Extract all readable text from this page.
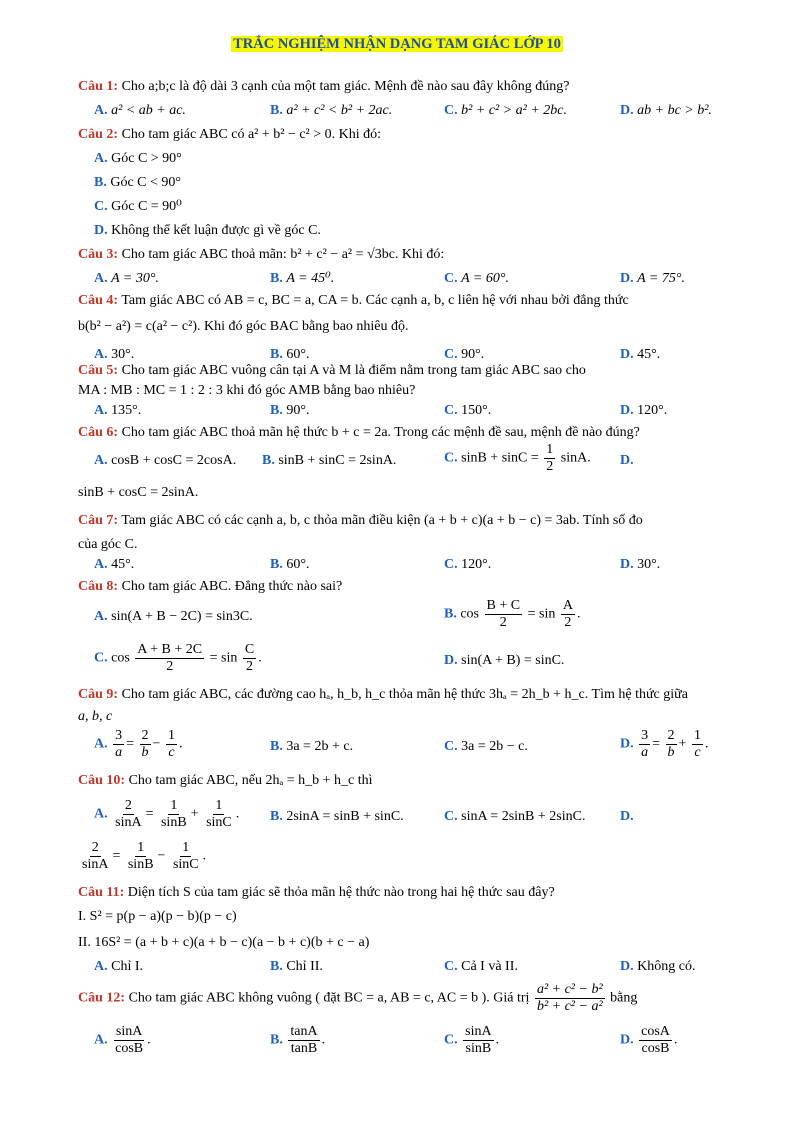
TRẮC NGHIỆM NHẬN DẠNG TAM GIÁC LỚP 10
Câu 1: Cho a;b;c là độ dài 3 cạnh của một tam giác. Mệnh đề nào sau đây không đúng?
A. a² < ab + ac.	B. a² + c² < b² + 2ac.	C. b² + c² > a² + 2bc.	D. ab + bc > b².
Câu 2: Cho tam giác ABC có a² + b² − c² > 0. Khi đó:
A. Góc C > 90°
B. Góc C < 90°
C. Góc C = 90⁰
D. Không thể kết luận được gì về góc C.
Câu 3: Cho tam giác ABC thoả mãn: b² + c² − a² = √3bc. Khi đó:
A. A = 30°.	B. A = 45⁰.	C. A = 60°.	D. A = 75°.
Câu 4: Tam giác ABC có AB = c, BC = a, CA = b. Các cạnh a, b, c liên hệ với nhau bởi đẳng thức
b(b² − a²) = c(a² − c²). Khi đó góc BAC bằng bao nhiêu độ.
A. 30°.	B. 60°.	C. 90°.	D. 45°.
Câu 5: Cho tam giác ABC vuông cân tại A và M là điểm nằm trong tam giác ABC sao cho
MA : MB : MC = 1 : 2 : 3 khi đó góc AMB bằng bao nhiêu?
A. 135°.	B. 90°.	C. 150°.	D. 120°.
Câu 6: Cho tam giác ABC thoả mãn hệ thức b + c = 2a. Trong các mệnh đề sau, mệnh đề nào đúng?
A. cosB + cosC = 2cosA. B. sinB + sinC = 2sinA.	C. $\sin B + \sin C = \frac{1}{2} \sin A$. D.
sinB + cosC = 2sinA.
Câu 7: Tam giác ABC có các cạnh a, b, c thỏa mãn điều kiện (a + b + c)(a + b − c) = 3ab. Tính số đo
của góc C.
A. 45°.	B. 60°.	C. 120°.	D. 30°.
Câu 8: Cho tam giác ABC. Đẳng thức nào sai?
A. sin(A + B − 2C) = sin3C.	B. $\cos \frac{B + C}{2} = \sin \frac{A}{2}$ .
C. $\cos \frac{A + B + 2C}{2} = \sin \frac{C}{2}$ .	D. sin(A + B) = sinC.
Câu 9: Cho tam giác ABC, các đường cao hₐ, h_b, h_c thỏa mãn hệ thức 3hₐ = 2h_b + h_c. Tìm hệ thức giữa
a, b, c
A. $\frac{3}{a} = \frac{2}{b} - \frac{1}{c}$ .	B. 3a = 2b + c.	C. 3a = 2b − c.	D. $\frac{3}{a} = \frac{2}{b} + \frac{1}{c}$ .
Câu 10: Cho tam giác ABC, nếu 2hₐ = h_b + h_c thì
A. $\frac{2}{\sin A} = \frac{1}{\sin B} + \frac{1}{\sin C}$ . B. 2sinA = sinB + sinC.	C. sinA = 2sinB + 2sinC. D.
$\frac{2}{\sin A} = \frac{1}{\sin B} - \frac{1}{\sin C}$ .
Câu 11: Diện tích S của tam giác sẽ thỏa mãn hệ thức nào trong hai hệ thức sau đây?
I. S² = p(p − a)(p − b)(p − c)
II. 16S² = (a + b + c)(a + b − c)(a − b + c)(b + c − a)
A. Chỉ I.	B. Chỉ II.	C. Cả I và II.	D. Không có.
Câu 12: Cho tam giác ABC không vuông ( đặt BC = a, AB = c, AC = b ). Giá trị $\frac{\text{a² + c² − b²}}{\text{b² + c² − a²}}$ bằng
A. $\frac{\sin A}{\cos B}$ .	B. $\frac{\tan A}{\tan B}$ .	C. $\frac{\sin A}{\sin B}$ .	D. $\frac{\cos A}{\cos B}$ .
